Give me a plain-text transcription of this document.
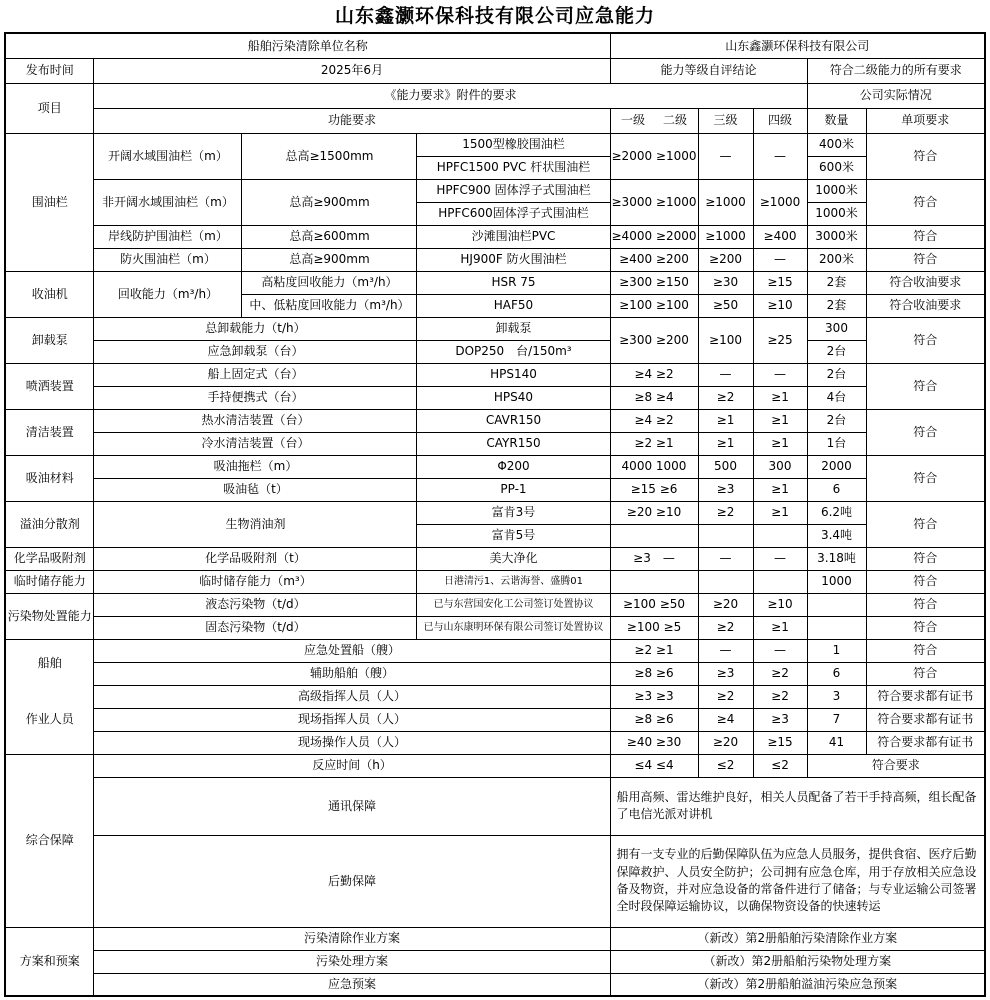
山东鑫灏环保科技有限公司应急能力
船舶污染清除单位名称				山东鑫灏环保科技有限公司				
发布时间	2025年6月			能力等级自评结论			符合二级能力的所有要求	
项目	《能力要求》附件的要求						公司实际情况	
	功能要求			一级 二级	三级	四级	数量	单项要求
围油栏	开阔水域围油栏（m）	总高≥1500mm	1500型橡胶围油栏	≥2000 ≥1000	—	—	400米	符合
			HPFC1500 PVC 杆状围油栏				600米	
	非开阔水域围油栏（m）	总高≥900mm	HPFC900 固体浮子式围油栏	≥3000 ≥1000	≥1000	≥1000	1000米	符合
			HPFC600固体浮子式围油栏				1000米	
	岸线防护围油栏（m）	总高≥600mm	沙滩围油栏PVC	≥4000 ≥2000	≥1000	≥400	3000米	符合
	防火围油栏（m）	总高≥900mm	HJ900F 防火围油栏	≥400 ≥200	≥200	—	200米	符合
收油机	回收能力（m³/h）	高粘度回收能力（m³/h）	HSR 75	≥300 ≥150	≥30	≥15	2套	符合收油要求
		中、低粘度回收能力（m³/h）	HAF50	≥100 ≥100	≥50	≥10	2套	符合收油要求
卸载泵	总卸载能力（t/h）		卸载泵	≥300 ≥200	≥100	≥25	300	符合
	应急卸载泵（台）		DOP250　台/150m³				2台	
喷洒装置	船上固定式（台）		HPS140	≥4 ≥2	—	—	2台	符合
	手持便携式（台）		HPS40	≥8 ≥4	≥2	≥1	4台	
清洁装置	热水清洁装置（台）		CAVR150	≥4 ≥2	≥1	≥1	2台	符合
	冷水清洁装置（台）		CAYR150	≥2 ≥1	≥1	≥1	1台	
吸油材料	吸油拖栏（m）		Φ200	4000 1000	500	300	2000	符合
	吸油毡（t）		PP-1	≥15 ≥6	≥3	≥1	6	
溢油分散剂	生物消油剂		富肯3号	≥20 ≥10	≥2	≥1	6.2吨	符合
			富肯5号				3.4吨	
化学品吸附剂	化学品吸附剂（t）		美大净化	≥3　—	—	—	3.18吨	符合
临时储存能力	临时储存能力（m³）		日港清污1、云谐海誉、盛腾01				1000	符合
污染物处置能力	液态污染物（t/d）		已与东营国安化工公司签订处置协议	≥100 ≥50	≥20	≥10		符合
	固态污染物（t/d）		已与山东康明环保有限公司签订处置协议	≥100 ≥5	≥2	≥1		符合

船舶
作业人员	应急处置船（艘）			≥2 ≥1	—	—	1	符合
	辅助船舶（艘）			≥8 ≥6	≥3	≥2	6	符合
	高级指挥人员（人）			≥3 ≥3	≥2	≥2	3	符合要求都有证书
	现场指挥人员（人）			≥8 ≥6	≥4	≥3	7	符合要求都有证书
	现场操作人员（人）			≥40 ≥30	≥20	≥15	41	符合要求都有证书
综合保障	反应时间（h）			≤4 ≤4	≤2	≤2	符合要求	
	通讯保障			船用高频、雷达维护良好，相关人员配备了若干手持高频，组长配备了电信光派对讲机				
	后勤保障			拥有一支专业的后勤保障队伍为应急人员服务，提供食宿、医疗后勤保障救护、人员安全防护；公司拥有应急仓库，用于存放相关应急设备及物资，并对应急设备的常备件进行了储备；与专业运输公司签署全时段保障运输协议，以确保物资设备的快速转运				
方案和预案	污染清除作业方案			（新改）第2册船舶污染清除作业方案				
	污染处理方案			（新改）第2册船舶污染物处理方案				
	应急预案			（新改）第2册船舶溢油污染应急预案				
